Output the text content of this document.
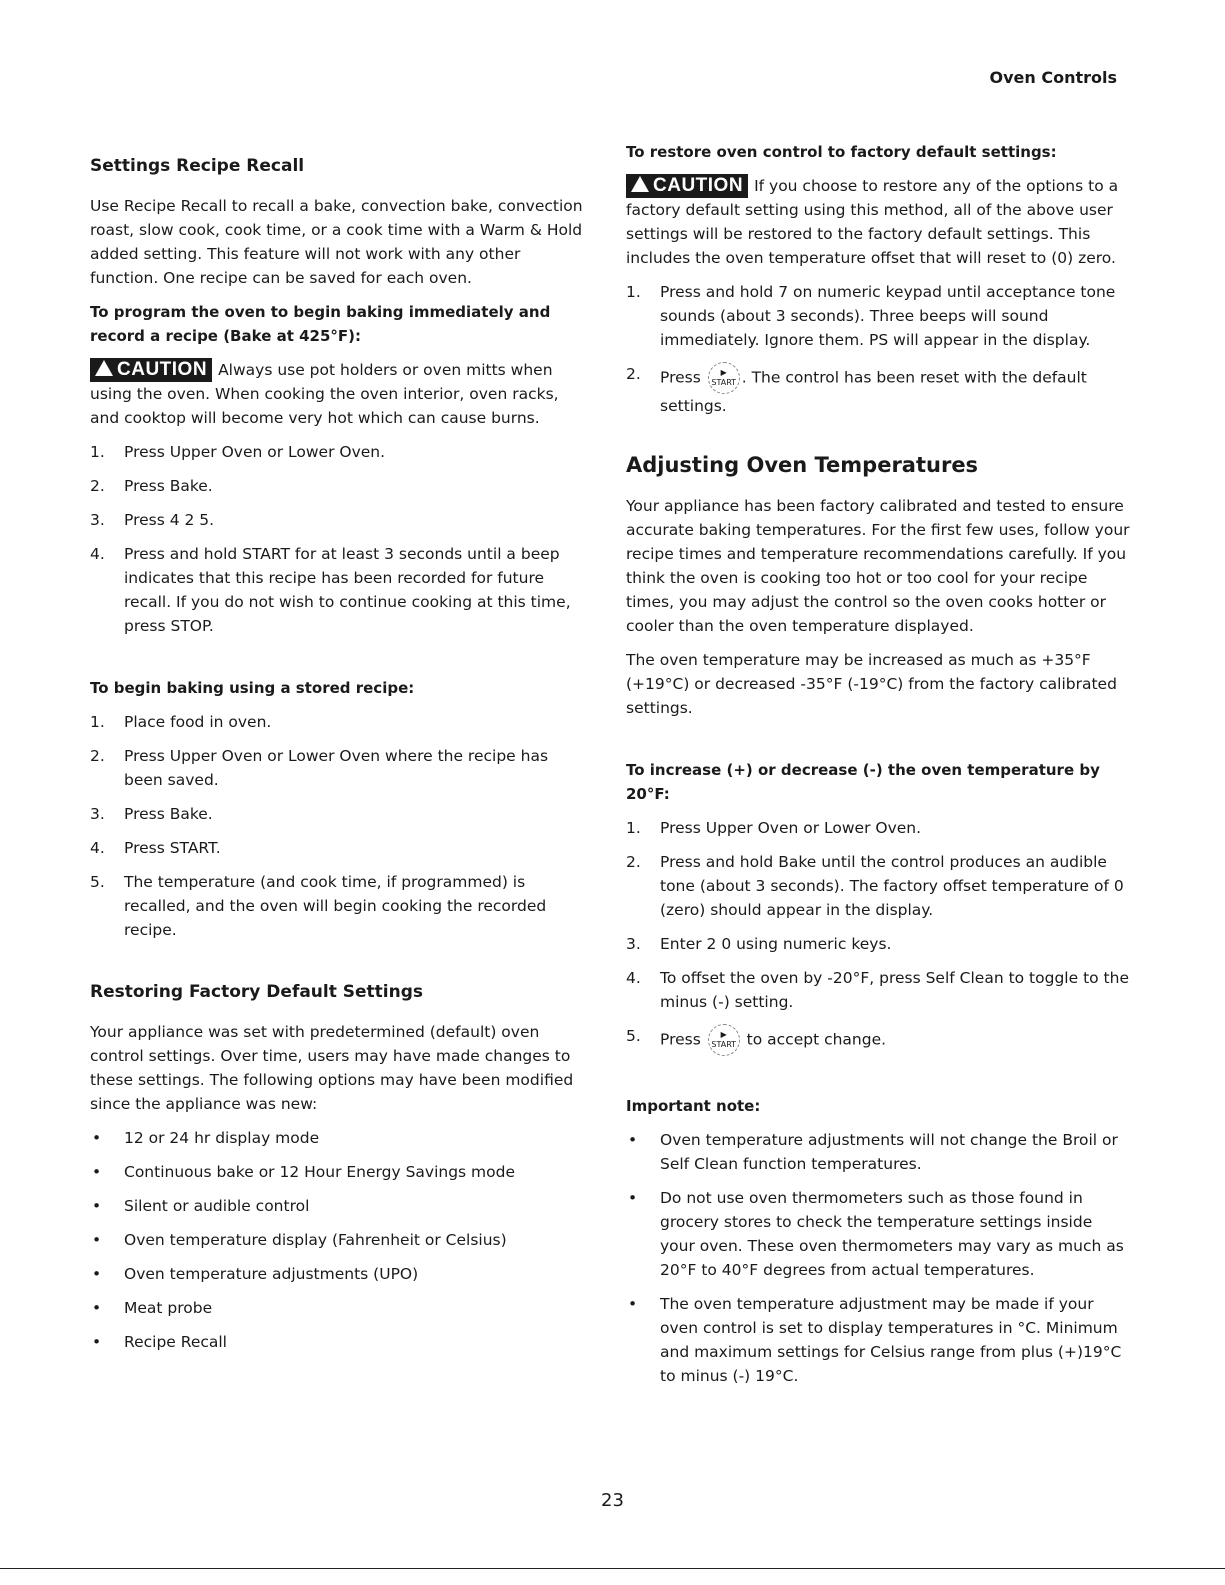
Oven Controls
Settings Recipe Recall

Use Recipe Recall to recall a bake, convection bake, convection roast, slow cook, cook time, or a cook time with a Warm & Hold added setting. This feature will not work with any other function. One recipe can be saved for each oven.

To program the oven to begin baking immediately and record a recipe (Bake at 425°F):

CAUTION Always use pot holders or oven mitts when using the oven. When cooking the oven interior, oven racks, and cooktop will become very hot which can cause burns.

1. Press Upper Oven or Lower Oven.
2. Press Bake.
3. Press 4 2 5.
4. Press and hold START for at least 3 seconds until a beep indicates that this recipe has been recorded for future recall. If you do not wish to continue cooking at this time, press STOP.

To begin baking using a stored recipe:

1. Place food in oven.
2. Press Upper Oven or Lower Oven where the recipe has been saved.
3. Press Bake.
4. Press START.
5. The temperature (and cook time, if programmed) is recalled, and the oven will begin cooking the recorded recipe.
Restoring Factory Default Settings

Your appliance was set with predetermined (default) oven control settings. Over time, users may have made changes to these settings. The following options may have been modified since the appliance was new:

• 12 or 24 hr display mode
• Continuous bake or 12 Hour Energy Savings mode
• Silent or audible control
• Oven temperature display (Fahrenheit or Celsius)
• Oven temperature adjustments (UPO)
• Meat probe
• Recipe Recall

To restore oven control to factory default settings:

CAUTION If you choose to restore any of the options to a factory default setting using this method, all of the above user settings will be restored to the factory default settings. This includes the oven temperature offset that will reset to (0) zero.

1. Press and hold 7 on numeric keypad until acceptance tone sounds (about 3 seconds). Three beeps will sound immediately. Ignore them. PS will appear in the display.
2. Press	▶
START . The control has been reset with the default settings.
Adjusting Oven Temperatures

Your appliance has been factory calibrated and tested to ensure accurate baking temperatures. For the first few uses, follow your recipe times and temperature recommendations carefully. If you think the oven is cooking too hot or too cool for your recipe times, you may adjust the control so the oven cooks hotter or cooler than the oven temperature displayed.

The oven temperature may be increased as much as +35°F (+19°C) or decreased -35°F (-19°C) from the factory calibrated settings.

To increase (+) or decrease (-) the oven temperature by 20°F:

1. Press Upper Oven or Lower Oven.
2. Press and hold Bake until the control produces an audible tone (about 3 seconds). The factory offset temperature of 0 (zero) should appear in the display.
3. Enter 2 0 using numeric keys.
4. To offset the oven by -20°F, press Self Clean to toggle to the minus (-) setting.
5. Press	▶
START to accept change.

Important note:

• Oven temperature adjustments will not change the Broil or Self Clean function temperatures.
• Do not use oven thermometers such as those found in grocery stores to check the temperature settings inside your oven. These oven thermometers may vary as much as 20°F to 40°F degrees from actual temperatures.
• The oven temperature adjustment may be made if your oven control is set to display temperatures in °C. Minimum and maximum settings for Celsius range from plus (+)19°C to minus (-) 19°C.
23
